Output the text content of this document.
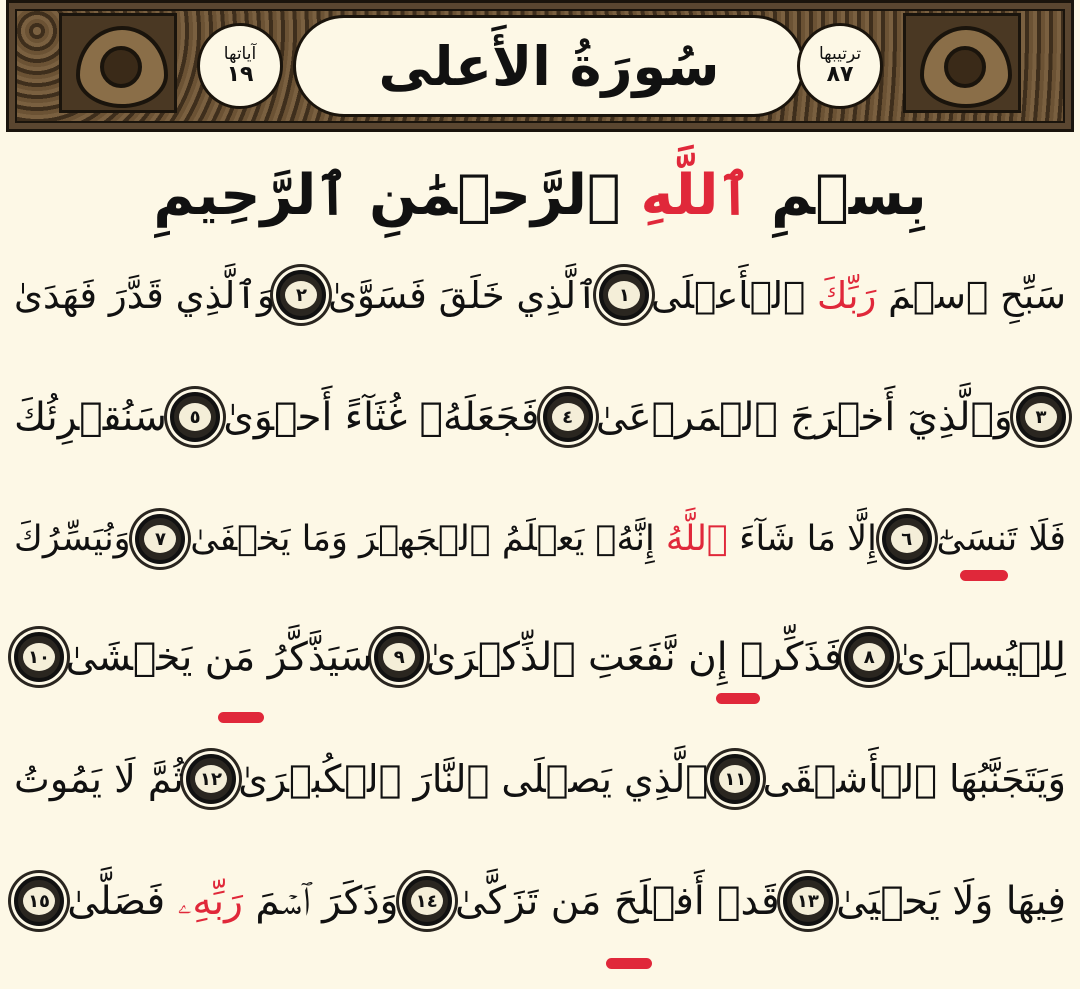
آياتها
١٩ سُورَةُ الأَعلى	ترتيبها
٨٧
بِسۡمِ
ٱللَّهِ
ٱلرَّحۡمَٰنِ
ٱلرَّحِيمِ
سَبِّحِ ٱسۡمَ رَبِّكَ ٱلۡأَعۡلَى
١
ٱلَّذِي خَلَقَ فَسَوَّىٰ
٢
وَٱلَّذِي قَدَّرَ فَهَدَىٰ
٣
وَٱلَّذِيٓ أَخۡرَجَ ٱلۡمَرۡعَىٰ
٤
فَجَعَلَهُۥ غُثَآءً أَحۡوَىٰ
٥
سَنُقۡرِئُكَ
فَلَا تَنسَىٰٓ
٦
إِلَّا مَا شَآءَ ٱللَّهُ إِنَّهُۥ يَعۡلَمُ ٱلۡجَهۡرَ وَمَا يَخۡفَىٰ
٧
وَنُيَسِّرُكَ
لِلۡيُسۡرَىٰ
٨
فَذَكِّرۡ إِن نَّفَعَتِ ٱلذِّكۡرَىٰ
٩
سَيَذَّكَّرُ مَن يَخۡشَىٰ
١٠
وَيَتَجَنَّبُهَا ٱلۡأَشۡقَى
١١
ٱلَّذِي يَصۡلَى ٱلنَّارَ ٱلۡكُبۡرَىٰ
١٢
ثُمَّ لَا يَمُوتُ
فِيهَا وَلَا يَحۡيَىٰ
١٣
قَدۡ أَفۡلَحَ مَن تَزَكَّىٰ
١٤
وَذَكَرَ ٱسۡمَ رَبِّهِۦ فَصَلَّىٰ
١٥
